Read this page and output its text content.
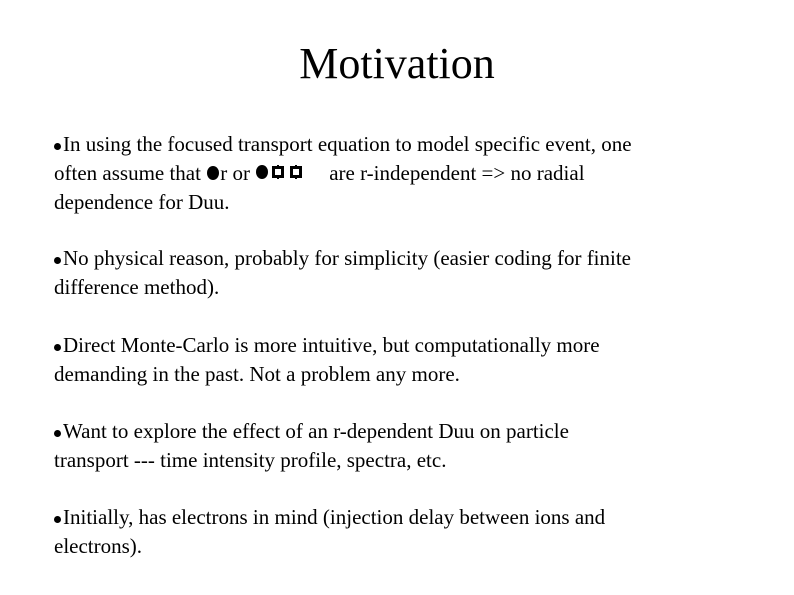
Motivation
In using the focused transport equation to model specific event, one
often assume that r or	are r-independent => no radial
dependence for Duu.
No physical reason, probably for simplicity (easier coding for finite
difference method).
Direct Monte-Carlo is more intuitive, but computationally more
demanding in the past. Not a problem any more.
Want to explore the effect of an r-dependent Duu on particle
transport --- time intensity profile, spectra, etc.
Initially, has electrons in mind (injection delay between ions and
electrons).
